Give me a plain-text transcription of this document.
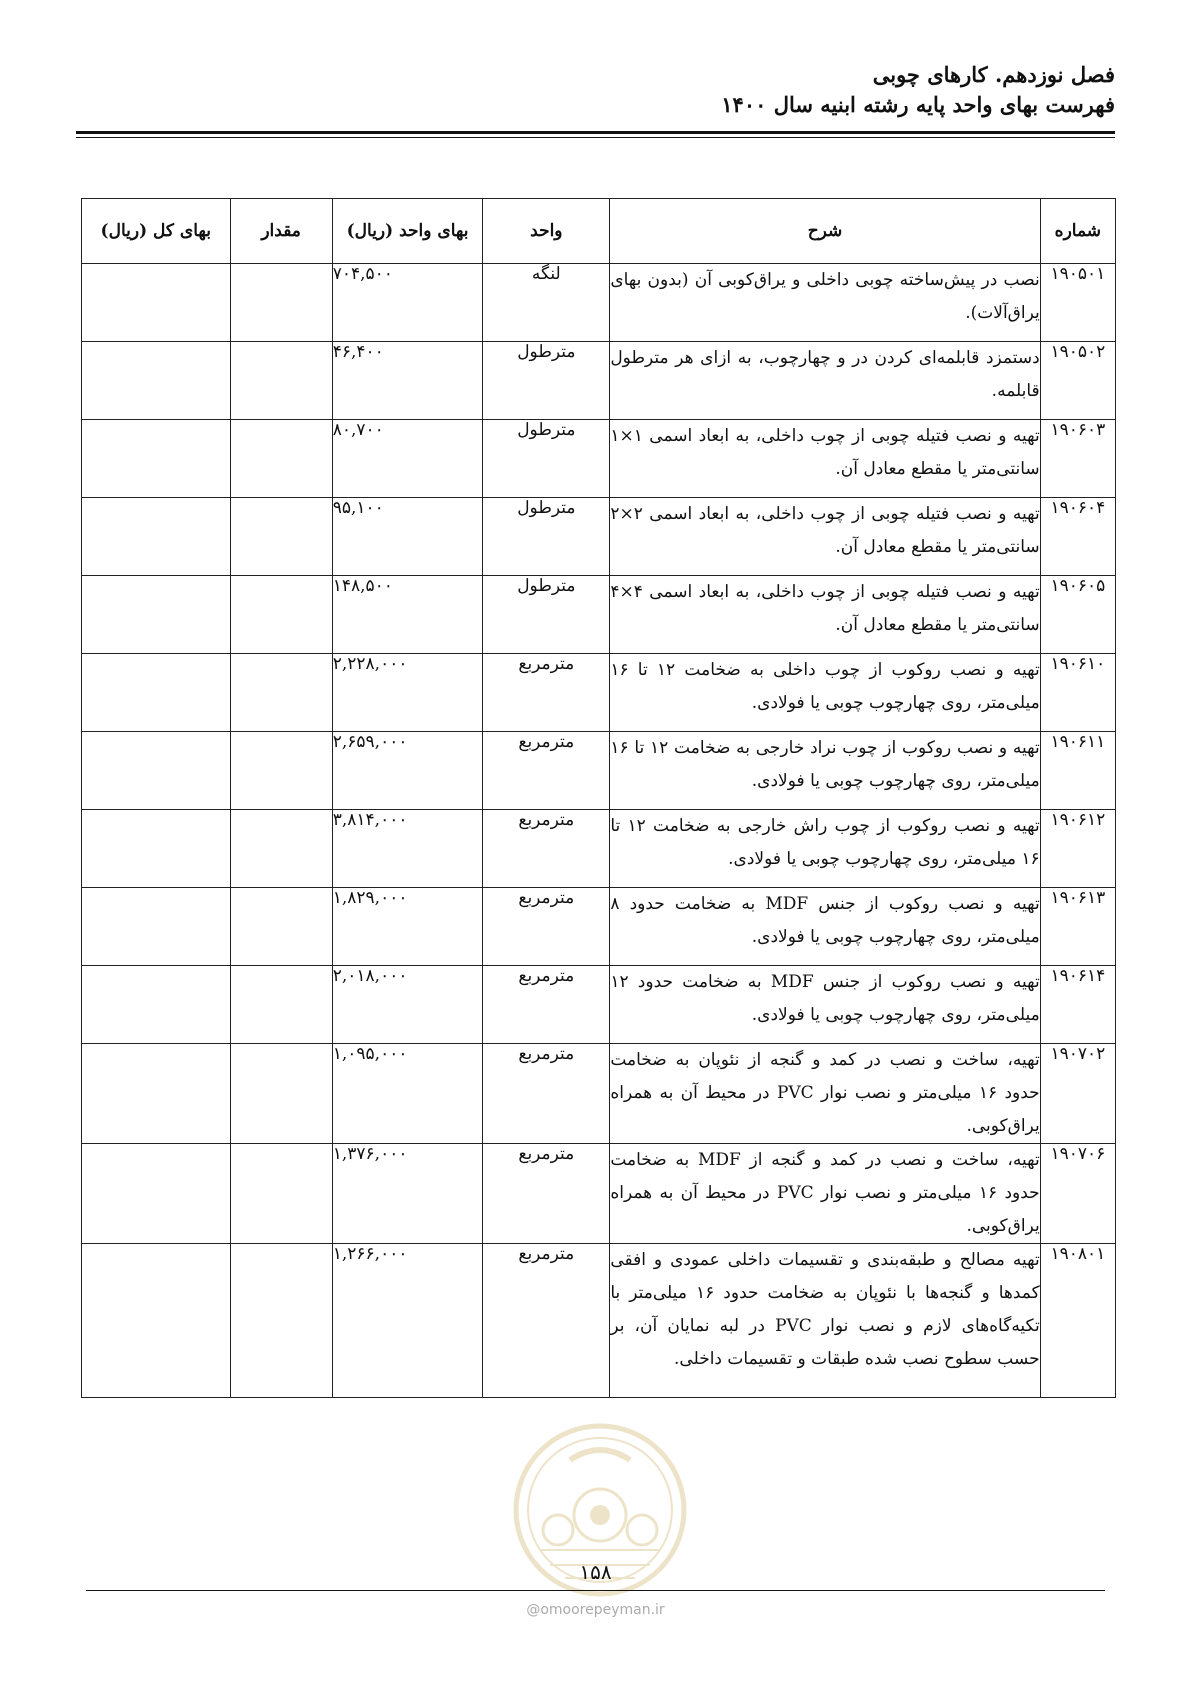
فصل نوزدهم. کارهای چوبی
فهرست بهای واحد پایه رشته ابنیه سال ۱۴۰۰
شماره	شرح	واحد	بهای واحد (ریال)	مقدار	بهای کل (ریال)
۱۹۰۵۰۱	نصب در پیش‌ساخته چوبی داخلی و یراق‌کوبی آن (بدون بهای یراق‌آلات).	لنگه	۷۰۴,۵۰۰		
۱۹۰۵۰۲	دستمزد قابلمه‌ای کردن در و چهارچوب، به ازای هر مترطول قابلمه.	مترطول	۴۶,۴۰۰		
۱۹۰۶۰۳	تهیه و نصب فتیله چوبی از چوب داخلی، به ابعاد اسمی ۱×۱ سانتی‌متر یا مقطع معادل آن.	مترطول	۸۰,۷۰۰		
۱۹۰۶۰۴	تهیه و نصب فتیله چوبی از چوب داخلی، به ابعاد اسمی ۲×۲ سانتی‌متر یا مقطع معادل آن.	مترطول	۹۵,۱۰۰		
۱۹۰۶۰۵	تهیه و نصب فتیله چوبی از چوب داخلی، به ابعاد اسمی ۴×۴ سانتی‌متر یا مقطع معادل آن.	مترطول	۱۴۸,۵۰۰		
۱۹۰۶۱۰	تهیه و نصب روکوب از چوب داخلی به ضخامت ۱۲ تا ۱۶ میلی‌متر، روی چهارچوب چوبی یا فولادی.	مترمربع	۲,۲۲۸,۰۰۰		
۱۹۰۶۱۱	تهیه و نصب روکوب از چوب نراد خارجی به ضخامت ۱۲ تا ۱۶ میلی‌متر، روی چهارچوب چوبی یا فولادی.	مترمربع	۲,۶۵۹,۰۰۰		
۱۹۰۶۱۲	تهیه و نصب روکوب از چوب راش خارجی به ضخامت ۱۲ تا ۱۶ میلی‌متر، روی چهارچوب چوبی یا فولادی.	مترمربع	۳,۸۱۴,۰۰۰		
۱۹۰۶۱۳	تهیه و نصب روکوب از جنس MDF به ضخامت حدود ۸ میلی‌متر، روی چهارچوب چوبی یا فولادی.	مترمربع	۱,۸۲۹,۰۰۰		
۱۹۰۶۱۴	تهیه و نصب روکوب از جنس MDF به ضخامت حدود ۱۲ میلی‌متر، روی چهارچوب چوبی یا فولادی.	مترمربع	۲,۰۱۸,۰۰۰		
۱۹۰۷۰۲	تهیه، ساخت و نصب در کمد و گنجه از نئوپان به ضخامت حدود ۱۶ میلی‌متر و نصب نوار PVC در محیط آن به همراه یراق‌کوبی.	مترمربع	۱,۰۹۵,۰۰۰		
۱۹۰۷۰۶	تهیه، ساخت و نصب در کمد و گنجه از MDF به ضخامت حدود ۱۶ میلی‌متر و نصب نوار PVC در محیط آن به همراه یراق‌کوبی.	مترمربع	۱,۳۷۶,۰۰۰		
۱۹۰۸۰۱	تهیه مصالح و طبقه‌بندی و تقسیمات داخلی عمودی و افقی کمدها و گنجه‌ها با نئوپان به ضخامت حدود ۱۶ میلی‌متر با تکیه‌گاه‌های لازم و نصب نوار PVC در لبه نمایان آن، بر حسب سطوح نصب شده طبقات و تقسیمات داخلی.	مترمربع	۱,۲۶۶,۰۰۰		
۱۵۸
@omoorepeyman.ir
